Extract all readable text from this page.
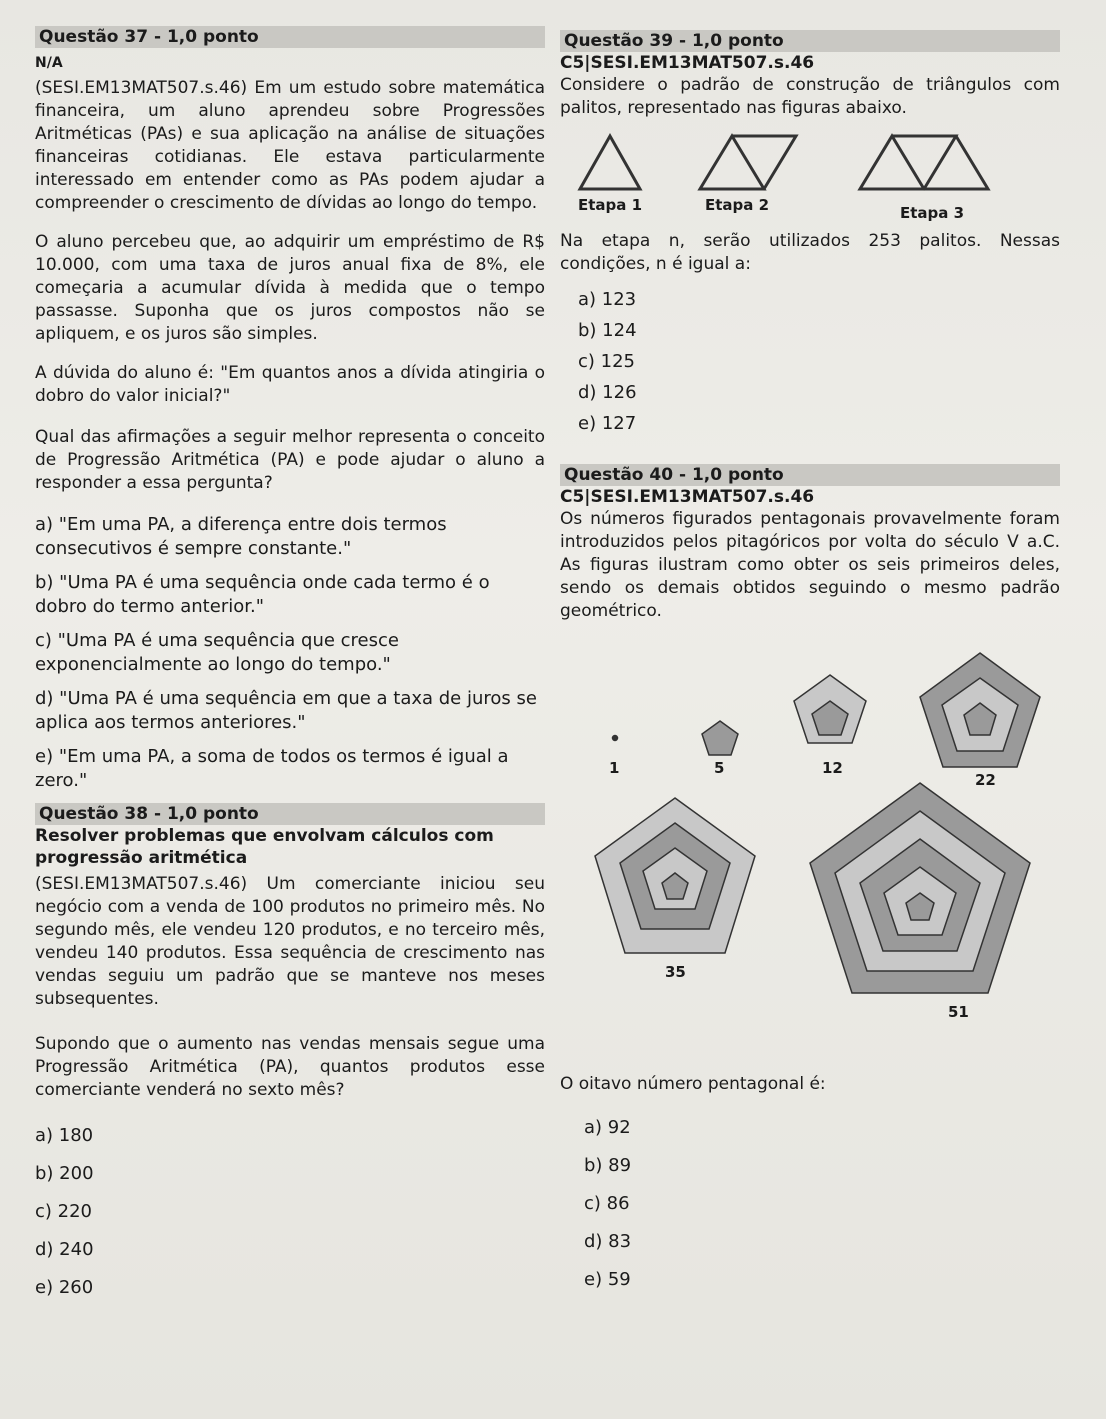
Questão 37 - 1,0 ponto
N/A
(SESI.EM13MAT507.s.46) Em um estudo sobre matemática financeira, um aluno aprendeu sobre Progressões Aritméticas (PAs) e sua aplicação na análise de situações financeiras cotidianas. Ele estava particularmente interessado em entender como as PAs podem ajudar a compreender o crescimento de dívidas ao longo do tempo.
O aluno percebeu que, ao adquirir um empréstimo de R$ 10.000, com uma taxa de juros anual fixa de 8%, ele começaria a acumular dívida à medida que o tempo passasse. Suponha que os juros compostos não se apliquem, e os juros são simples.
A dúvida do aluno é: "Em quantos anos a dívida atingiria o dobro do valor inicial?"
Qual das afirmações a seguir melhor representa o conceito de Progressão Aritmética (PA) e pode ajudar o aluno a responder a essa pergunta?
a) "Em uma PA, a diferença entre dois termos consecutivos é sempre constante."
b) "Uma PA é uma sequência onde cada termo é o dobro do termo anterior."
c) "Uma PA é uma sequência que cresce exponencialmente ao longo do tempo."
d) "Uma PA é uma sequência em que a taxa de juros se aplica aos termos anteriores."
e) "Em uma PA, a soma de todos os termos é igual a zero."
Questão 38 - 1,0 ponto
Resolver problemas que envolvam cálculos com progressão aritmética
(SESI.EM13MAT507.s.46) Um comerciante iniciou seu negócio com a venda de 100 produtos no primeiro mês. No segundo mês, ele vendeu 120 produtos, e no terceiro mês, vendeu 140 produtos. Essa sequência de crescimento nas vendas seguiu um padrão que se manteve nos meses subsequentes.
Supondo que o aumento nas vendas mensais segue uma Progressão Aritmética (PA), quantos produtos esse comerciante venderá no sexto mês?
a) 180
b) 200
c) 220
d) 240
e) 260
Questão 39 - 1,0 ponto
C5|SESI.EM13MAT507.s.46
Considere o padrão de construção de triângulos com palitos, representado nas figuras abaixo.
Etapa 1	Etapa 2	Etapa 3
Na etapa n, serão utilizados 253 palitos. Nessas condições, n é igual a:
a) 123
b) 124
c) 125
d) 126
e) 127
Questão 40 - 1,0 ponto
C5|SESI.EM13MAT507.s.46
Os números figurados pentagonais provavelmente foram introduzidos pelos pitagóricos por volta do século V a.C. As figuras ilustram como obter os seis primeiros deles, sendo os demais obtidos seguindo o mesmo padrão geométrico.
1	5	12
22
35
51
O oitavo número pentagonal é:
a) 92
b) 89
c) 86
d) 83
e) 59
